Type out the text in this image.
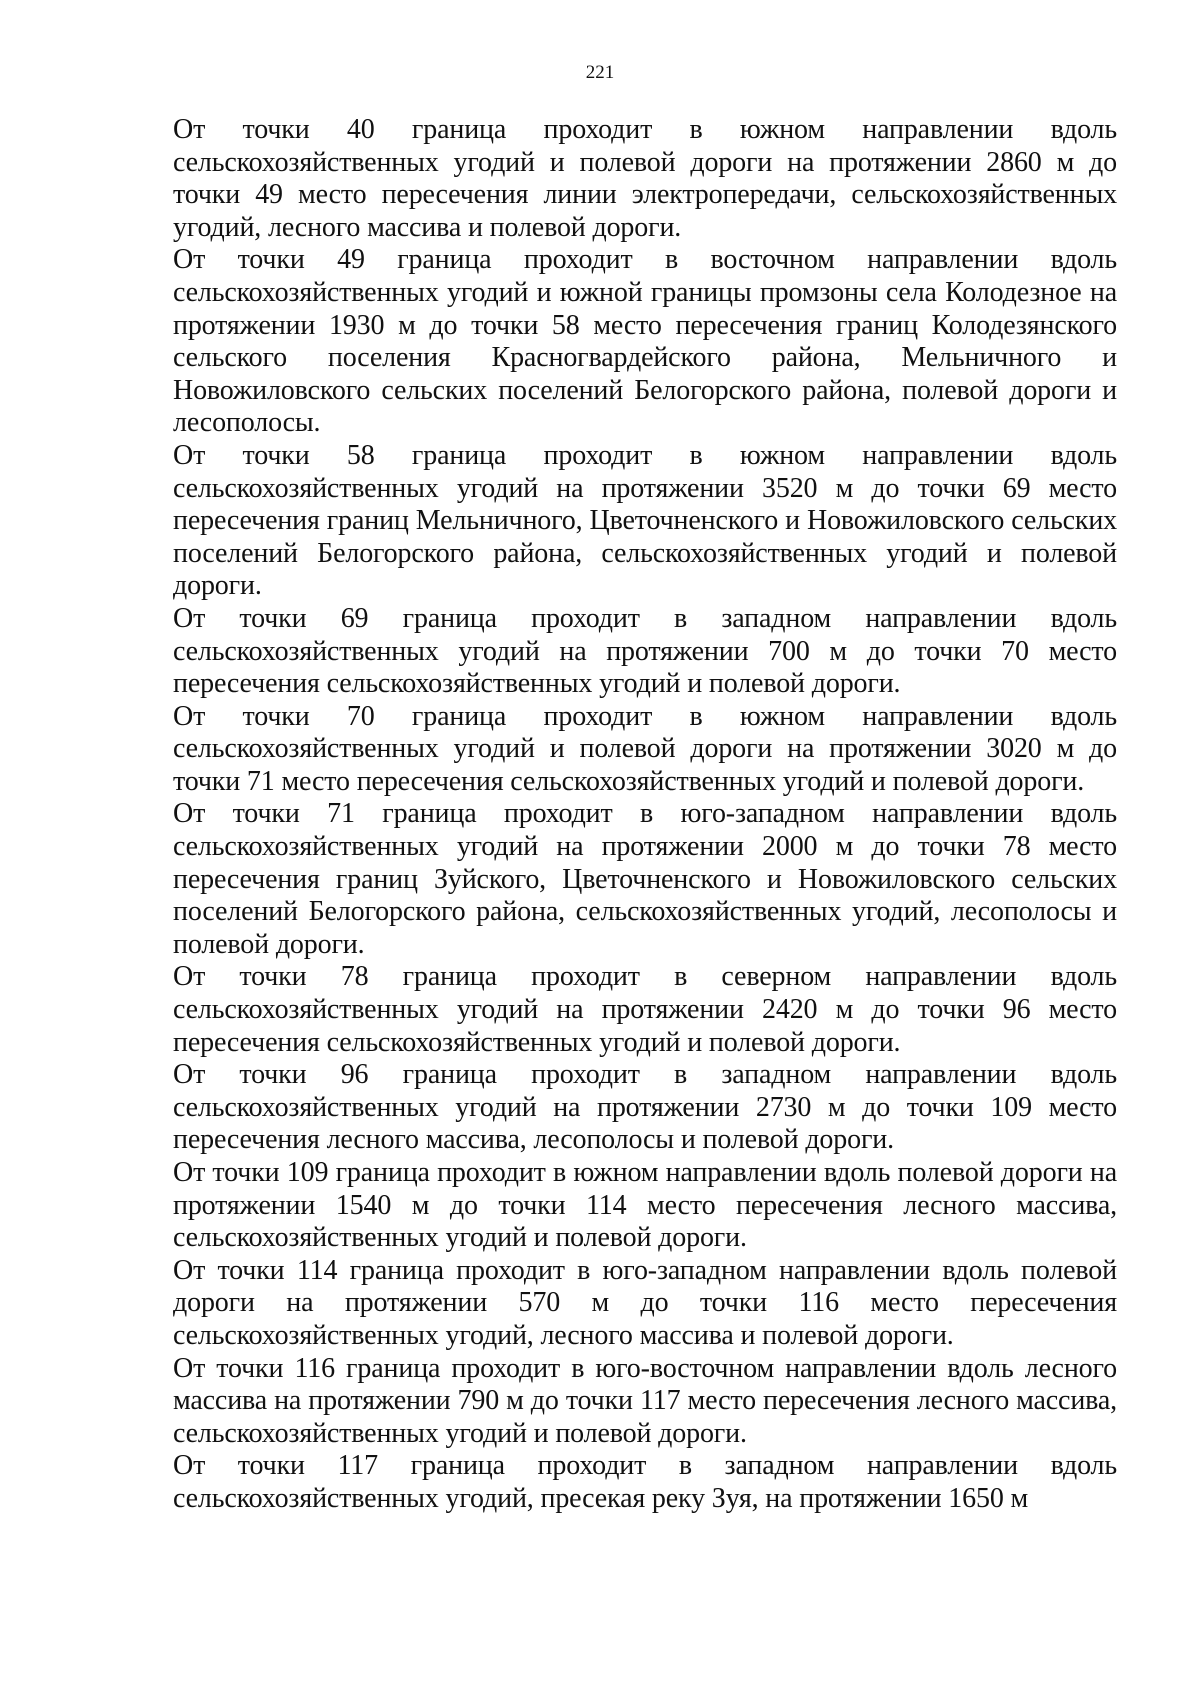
221

От точки 40 граница проходит в южном направлении вдоль сельскохозяйственных угодий и полевой дороги на протяжении 2860 м до точки 49 место пересечения линии электропередачи, сельскохозяйственных угодий, лесного массива и полевой дороги.

От точки 49 граница проходит в восточном направлении вдоль сельскохозяйственных угодий и южной границы промзоны села Колодезное на протяжении 1930 м до точки 58 место пересечения границ Колодезянского сельского поселения Красногвардейского района, Мельничного и Новожиловского сельских поселений Белогорского района, полевой дороги и лесополосы.

От точки 58 граница проходит в южном направлении вдоль сельскохозяйственных угодий на протяжении 3520 м до точки 69 место пересечения границ Мельничного, Цветочненского и Новожиловского сельских поселений Белогорского района, сельскохозяйственных угодий и полевой дороги.

От точки 69 граница проходит в западном направлении вдоль сельскохозяйственных угодий на протяжении 700 м до точки 70 место пересечения сельскохозяйственных угодий и полевой дороги.

От точки 70 граница проходит в южном направлении вдоль сельскохозяйственных угодий и полевой дороги на протяжении 3020 м до точки 71 место пересечения сельскохозяйственных угодий и полевой дороги.

От точки 71 граница проходит в юго-западном направлении вдоль сельскохозяйственных угодий на протяжении 2000 м до точки 78 место пересечения границ Зуйского, Цветочненского и Новожиловского сельских поселений Белогорского района, сельскохозяйственных угодий, лесополосы и полевой дороги.

От точки 78 граница проходит в северном направлении вдоль сельскохозяйственных угодий на протяжении 2420 м до точки 96 место пересечения сельскохозяйственных угодий и полевой дороги.

От точки 96 граница проходит в западном направлении вдоль сельскохозяйственных угодий на протяжении 2730 м до точки 109 место пересечения лесного массива, лесополосы и полевой дороги.

От точки 109 граница проходит в южном направлении вдоль полевой дороги на протяжении 1540 м до точки 114 место пересечения лесного массива, сельскохозяйственных угодий и полевой дороги.

От точки 114 граница проходит в юго-западном направлении вдоль полевой дороги на протяжении 570 м до точки 116 место пересечения сельскохозяйственных угодий, лесного массива и полевой дороги.

От точки 116 граница проходит в юго-восточном направлении вдоль лесного массива на протяжении 790 м до точки 117 место пересечения лесного массива, сельскохозяйственных угодий и полевой дороги.

От точки 117 граница проходит в западном направлении вдоль сельскохозяйственных угодий, пресекая реку Зуя, на протяжении 1650 м
